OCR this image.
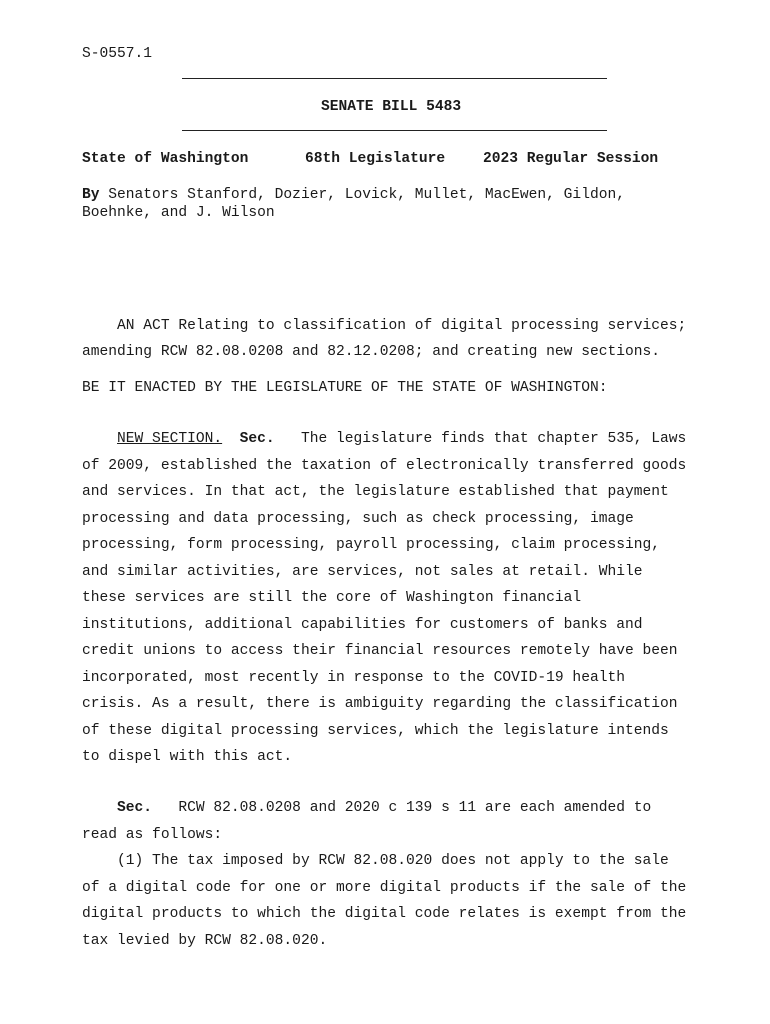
S-0557.1
SENATE BILL 5483
State of Washington	68th Legislature	2023 Regular Session
By Senators Stanford, Dozier, Lovick, Mullet, MacEwen, Gildon,
Boehnke, and J. Wilson
AN ACT Relating to classification of digital processing services;
amending RCW 82.08.0208 and 82.12.0208; and creating new sections.
BE IT ENACTED BY THE LEGISLATURE OF THE STATE OF WASHINGTON:
NEW SECTION. Sec.   The legislature finds that chapter 535, Laws
of 2009, established the taxation of electronically transferred goods
and services. In that act, the legislature established that payment
processing and data processing, such as check processing, image
processing, form processing, payroll processing, claim processing,
and similar activities, are services, not sales at retail. While
these services are still the core of Washington financial
institutions, additional capabilities for customers of banks and
credit unions to access their financial resources remotely have been
incorporated, most recently in response to the COVID-19 health
crisis. As a result, there is ambiguity regarding the classification
of these digital processing services, which the legislature intends
to dispel with this act.
Sec.   RCW 82.08.0208 and 2020 c 139 s 11 are each amended to
read as follows:
(1) The tax imposed by RCW 82.08.020 does not apply to the sale
of a digital code for one or more digital products if the sale of the
digital products to which the digital code relates is exempt from the
tax levied by RCW 82.08.020.
